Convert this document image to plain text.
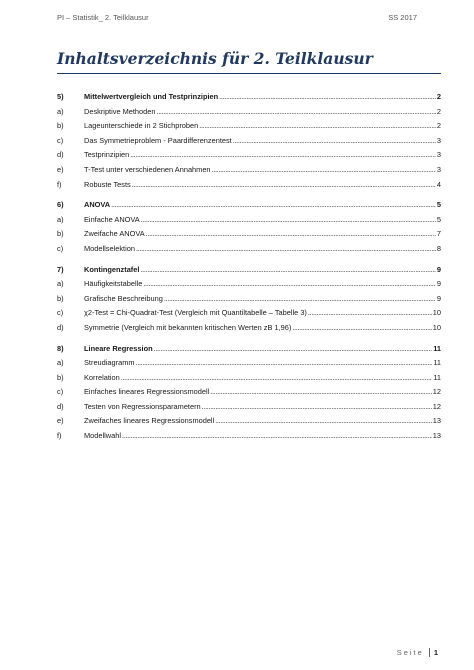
PI – Statistik_ 2. Teilklausur	SS 2017
Inhaltsverzeichnis für 2. Teilklausur
5)	Mittelwertvergleich und Testprinzipien . . .	2
a)	Deskriptive Methoden . . .	2
b)	Lageunterschiede in 2 Stichproben . . .	2
c)	Das Symmetrieproblem - Paardifferenzentest . . .	3
d)	Testprinzipien . . .	3
e)	T-Test unter verschiedenen Annahmen . . .	3
f)	Robuste Tests . . .	4
6)	ANOVA . . .	5
a)	Einfache ANOVA . . .	5
b)	Zweifache ANOVA . . .	7
c)	Modellselektion . . .	8
7)	Kontingenztafel . . .	9
a)	Häufigkeitstabelle . . .	9
b)	Grafische Beschreibung . . .	9
c)	χ2-Test = Chi-Quadrat-Test (Vergleich mit Quantiltabelle – Tabelle 3) . . .	10
d)	Symmetrie (Vergleich mit bekannten kritischen Werten zB 1,96) . . .	10
8)	Lineare Regression . . .	11
a)	Streudiagramm . . .	11
b)	Korrelation . . .	11
c)	Einfaches lineares Regressionsmodell . . .	12
d)	Testen von Regressionsparametern . . .	12
e)	Zweifaches lineares Regressionsmodell . . .	13
f)	Modellwahl . . .	13
Seite 1
